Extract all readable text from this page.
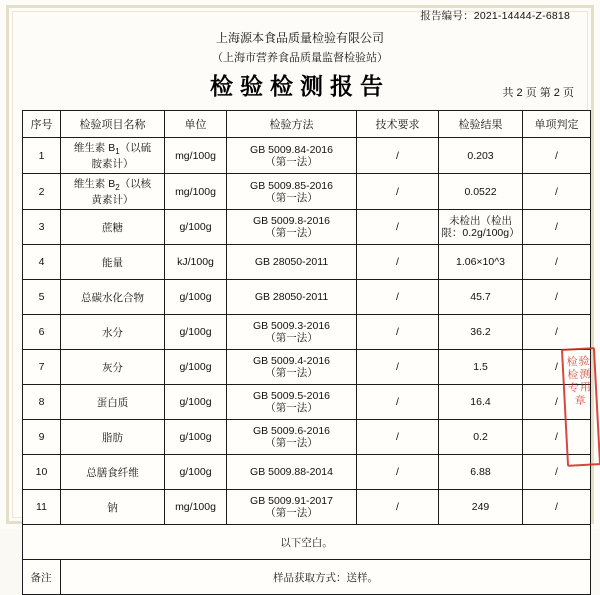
报告编号：2021-14444-Z-6818
上海源本食品质量检验有限公司
（上海市营养食品质量监督检验站）
检验检测报告	共 2 页 第 2 页
序号	检验项目名称	单位	检验方法	技术要求	检验结果	单项判定
1	维生素 $B_1$（以硫
胺素计）	mg/100g	GB 5009.84-2016
（第一法）	/	0.203	/
2	维生素 $B_2$（以核
黄素计）	mg/100g	GB 5009.85-2016
（第一法）	/	0.0522	/
3	蔗糖	g/100g	GB 5009.8-2016
（第一法）	/	未检出（检出
限：0.2g/100g）	/
4	能量	kJ/100g	GB 28050-2011	/	1.06×10^3	/
5	总碳水化合物	g/100g	GB 28050-2011	/	45.7	/
6	水分	g/100g	GB 5009.3-2016
（第一法）	/	36.2	/
7	灰分	g/100g	GB 5009.4-2016
（第一法）	/	1.5	/
8	蛋白质	g/100g	GB 5009.5-2016
（第一法）	/	16.4	/
9	脂肪	g/100g	GB 5009.6-2016
（第一法）	/	0.2	/
10	总膳食纤维	g/100g	GB 5009.88-2014	/	6.88	/
11	钠	mg/100g	GB 5009.91-2017
（第一法）	/	249	/
以下空白。						
备注	样品获取方式：送样。					
检验检测专用章
